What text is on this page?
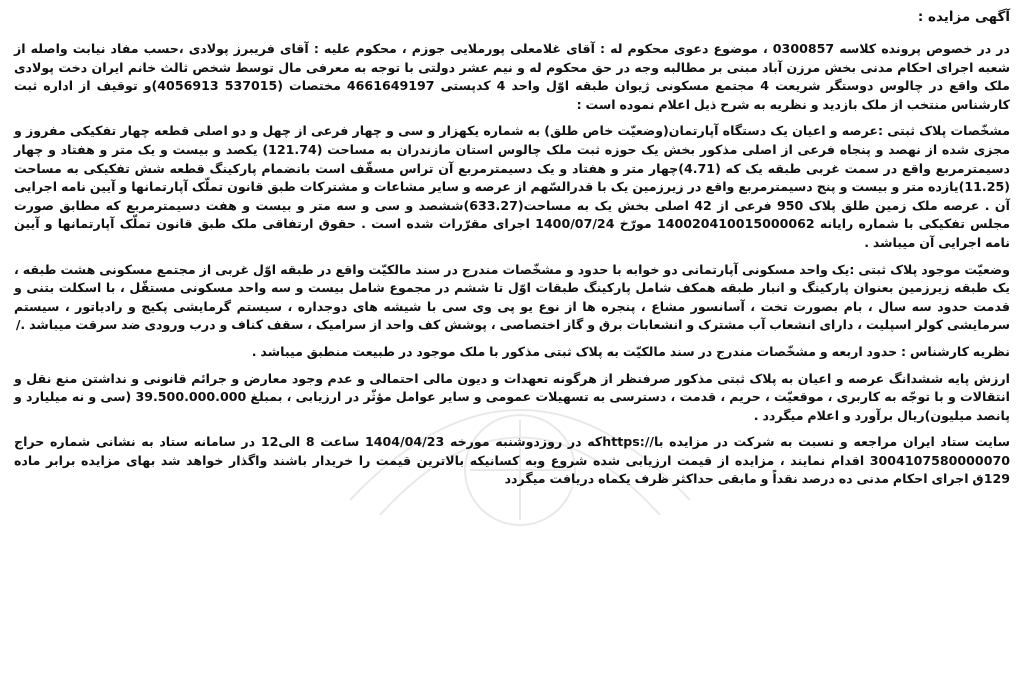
آگهی مزایده :

در در خصوص پرونده کلاسه 0300857 ، موضوع دعوی محکوم له : آقای غلامعلی پورملایی جوزم ، محکوم علیه : آقای فریبرز پولادی ،حسب مفاد نیابت واصله از شعبه اجرای احکام مدنی بخش مرزن آباد مبنی بر مطالبه وجه در حق محکوم له و نیم عشر دولتی با توجه به معرفی مال توسط شخص ثالث خانم ایران دخت پولادی ملک واقع در چالوس دوستگر شریعت 4 مجتمع مسکونی ژیوان طبقه اوّل واحد 4 کدپستی 4661649197 مختصات (537015 4056913)و توقیف از اداره ثبت کارشناس منتخب از ملک بازدید و نظریه به شرح ذیل اعلام نموده است :

مشخّصات پلاک ثبتی :عرصه و اعیان یک دستگاه آپارتمان(وضعیّت خاص طلق) به شماره یکهزار و سی و چهار فرعی از چهل و دو اصلی قطعه چهار تفکیکی مفروز و مجزی شده از نهصد و پنجاه فرعی از اصلی مذکور بخش یک حوزه ثبت ملک چالوس استان مازندران به مساحت (121.74) یکصد و بیست و یک متر و هفتاد و چهار دسیمترمربع واقع در سمت غربی طبقه یک که (4.71)چهار متر و هفتاد و یک دسیمترمربع آن تراس مسقّف است بانضمام پارکینگ قطعه شش تفکیکی به مساحت (11.25)یازده متر و بیست و پنج دسیمترمربع واقع در زیرزمین یک با قدرالسّهم از عرصه و سایر مشاعات و مشترکات طبق قانون تملّک آپارتمانها و آیین نامه اجرایی آن . عرصه ملک زمین طلق پلاک 950 فرعی از 42 اصلی بخش یک به مساحت(633.27)ششصد و سی و سه متر و بیست و هفت دسیمترمربع که مطابق صورت مجلس تفکیکی با شماره رایانه 140020410015000062 مورّخ 1400/07/24 اجرای مقرّرات شده است . حقوق ارتفاقی ملک طبق قانون تملّک آپارتمانها و آیین نامه اجرایی آن میباشد .

وضعیّت موجود پلاک ثبتی :یک واحد مسکونی آپارتمانی دو خوابه با حدود و مشخّصات مندرج در سند مالکیّت واقع در طبقه اوّل غربی از مجتمع مسکونی هشت طبقه ، یک طبقه زیرزمین بعنوان پارکینگ و انبار طبقه همکف شامل پارکینگ طبقات اوّل تا ششم در مجموع شامل بیست و سه واحد مسکونی مستقّل ، با اسکلت بتنی و قدمت حدود سه سال ، بام بصورت تخت ، آسانسور مشاع ، پنجره ها از نوع یو پی وی سی با شیشه های دوجداره ، سیستم گرمایشی پکیج و رادیاتور ، سیستم سرمایشی کولر اسپلیت ، دارای انشعاب آب مشترک و انشعابات برق و گاز اختصاصی ، پوشش کف واحد از سرامیک ، سقف کناف و درب ورودی ضد سرقت میباشد ./

نظریه کارشناس : حدود اربعه و مشخّصات مندرج در سند مالکیّت به پلاک ثبتی مذکور با ملک موجود در طبیعت منطبق میباشد .

ارزش پایه ششدانگ عرصه و اعیان به پلاک ثبتی مذکور صرفنظر از هرگونه تعهدات و دیون مالی احتمالی و عدم وجود معارض و جرائم قانونی و نداشتن منع نقل و انتقالات و با توجّه به کاربری ، موقعیّت ، حریم ، قدمت ، دسترسی به تسهیلات عمومی و سایر عوامل مؤثّر در ارزیابی ، بمبلغ 39.500.000.000 (سی و نه میلیارد و پانصد میلیون)ریال برآورد و اعلام میگردد .

سایت ستاد ایران مراجعه و نسبت به شرکت در مزایده با//:httpsکه در روزدوشنبه مورخه 1404/04/23 ساعت 8 الی12 در سامانه ستاد به نشانی شماره حراج 3004107580000070 اقدام نمایند ، مزایده از قیمت ارزیابی شده شروع وبه کسانیکه بالاترین قیمت را خریدار باشند واگذار خواهد شد بهای مزایده برابر ماده 129ق اجرای احکام مدنی ده درصد نقداً و مابقی حداکثر ظرف یکماه دریافت میگردد
